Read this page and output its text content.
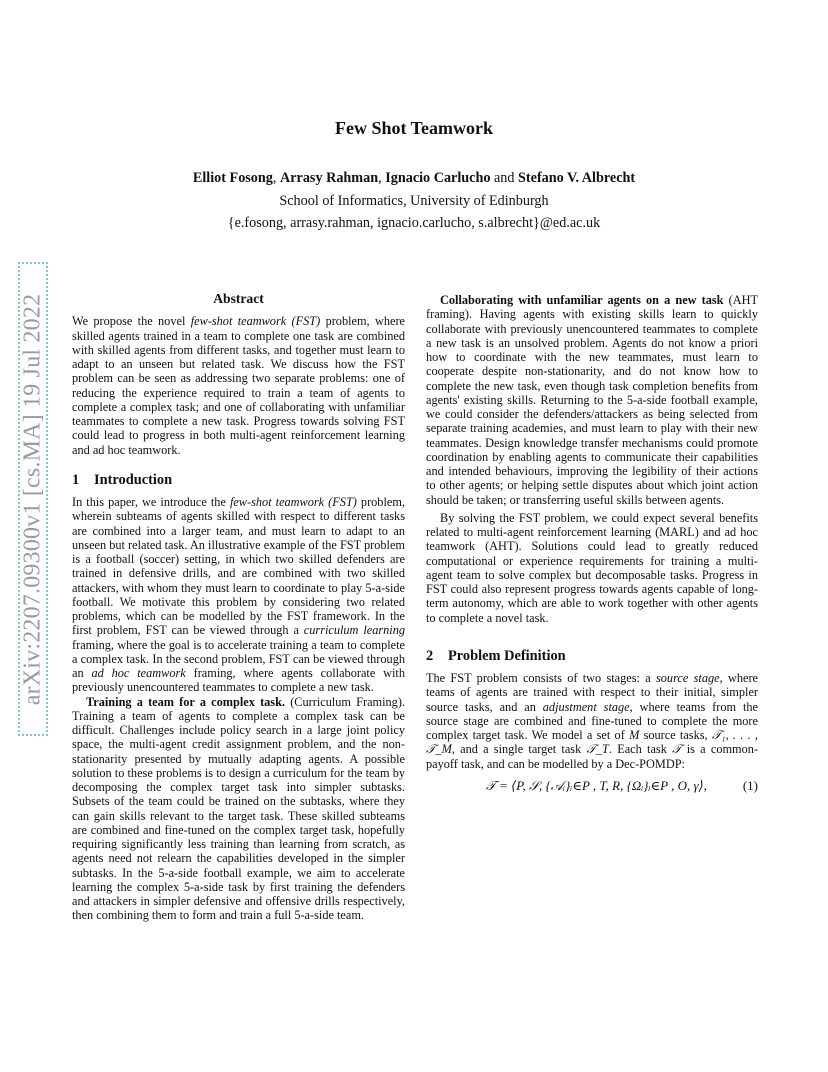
arXiv:2207.09300v1 [cs.MA] 19 Jul 2022
Few Shot Teamwork
Elliot Fosong, Arrasy Rahman, Ignacio Carlucho and Stefano V. Albrecht
School of Informatics, University of Edinburgh
{e.fosong, arrasy.rahman, ignacio.carlucho, s.albrecht}@ed.ac.uk
Abstract

We propose the novel few-shot teamwork (FST) problem, where skilled agents trained in a team to complete one task are combined with skilled agents from different tasks, and together must learn to adapt to an unseen but related task. We discuss how the FST problem can be seen as addressing two separate problems: one of reducing the experience required to train a team of agents to complete a complex task; and one of collaborating with unfamiliar teammates to complete a new task. Progress towards solving FST could lead to progress in both multi-agent reinforcement learning and ad hoc teamwork.

1 Introduction

In this paper, we introduce the few-shot teamwork (FST) problem, wherein subteams of agents skilled with respect to different tasks are combined into a larger team, and must learn to adapt to an unseen but related task. An illustrative example of the FST problem is a football (soccer) setting, in which two skilled defenders are trained in defensive drills, and are combined with two skilled attackers, with whom they must learn to coordinate to play 5-a-side football. We motivate this problem by considering two related problems, which can be modelled by the FST framework. In the first problem, FST can be viewed through a curriculum learning framing, where the goal is to accelerate training a team to complete a complex task. In the second problem, FST can be viewed through an ad hoc teamwork framing, where agents collaborate with previously unencountered teammates to complete a new task.

Training a team for a complex task. (Curriculum Framing). Training a team of agents to complete a complex task can be difficult. Challenges include policy search in a large joint policy space, the multi-agent credit assignment problem, and the non-stationarity presented by mutually adapting agents. A possible solution to these problems is to design a curriculum for the team by decomposing the complex target task into simpler subtasks. Subsets of the team could be trained on the subtasks, where they can gain skills relevant to the target task. These skilled subteams are combined and fine-tuned on the complex target task, hopefully requiring significantly less training than learning from scratch, as agents need not relearn the capabilities developed in the simpler subtasks. In the 5-a-side football example, we aim to accelerate learning the complex 5-a-side task by first training the defenders and attackers in simpler defensive and offensive drills respectively, then combining them to form and train a full 5-a-side team.

Collaborating with unfamiliar agents on a new task (AHT framing). Having agents with existing skills learn to quickly collaborate with previously unencountered teammates to complete a new task is an unsolved problem. Agents do not know a priori how to coordinate with the new teammates, must learn to cooperate despite non-stationarity, and do not know how to complete the new task, even though task completion benefits from agents' existing skills. Returning to the 5-a-side football example, we could consider the defenders/attackers as being selected from separate training academies, and must learn to play with their new teammates. Design knowledge transfer mechanisms could promote coordination by enabling agents to communicate their capabilities and intended behaviours, improving the legibility of their actions to other agents; or helping settle disputes about which joint action should be taken; or transferring useful skills between agents.

By solving the FST problem, we could expect several benefits related to multi-agent reinforcement learning (MARL) and ad hoc teamwork (AHT). Solutions could lead to greatly reduced computational or experience requirements for training a multi-agent team to solve complex but decomposable tasks. Progress in FST could also represent progress towards agents capable of long-term autonomy, which are able to work together with other agents to complete a novel task.

2 Problem Definition

The FST problem consists of two stages: a source stage, where teams of agents are trained with respect to their initial, simpler source tasks, and an adjustment stage, where teams from the source stage are combined and fine-tuned to complete the more complex target task. We model a set of M source tasks, 𝒯₁, . . . , 𝒯_M, and a single target task 𝒯_T. Each task 𝒯 is a common-payoff task, and can be modelled by a Dec-POMDP:

𝒯 = ⟨P, 𝒮, {𝒜ᵢ}ᵢ∈P , T, R, {Ωᵢ}ᵢ∈P , O, γ⟩,	(1)
